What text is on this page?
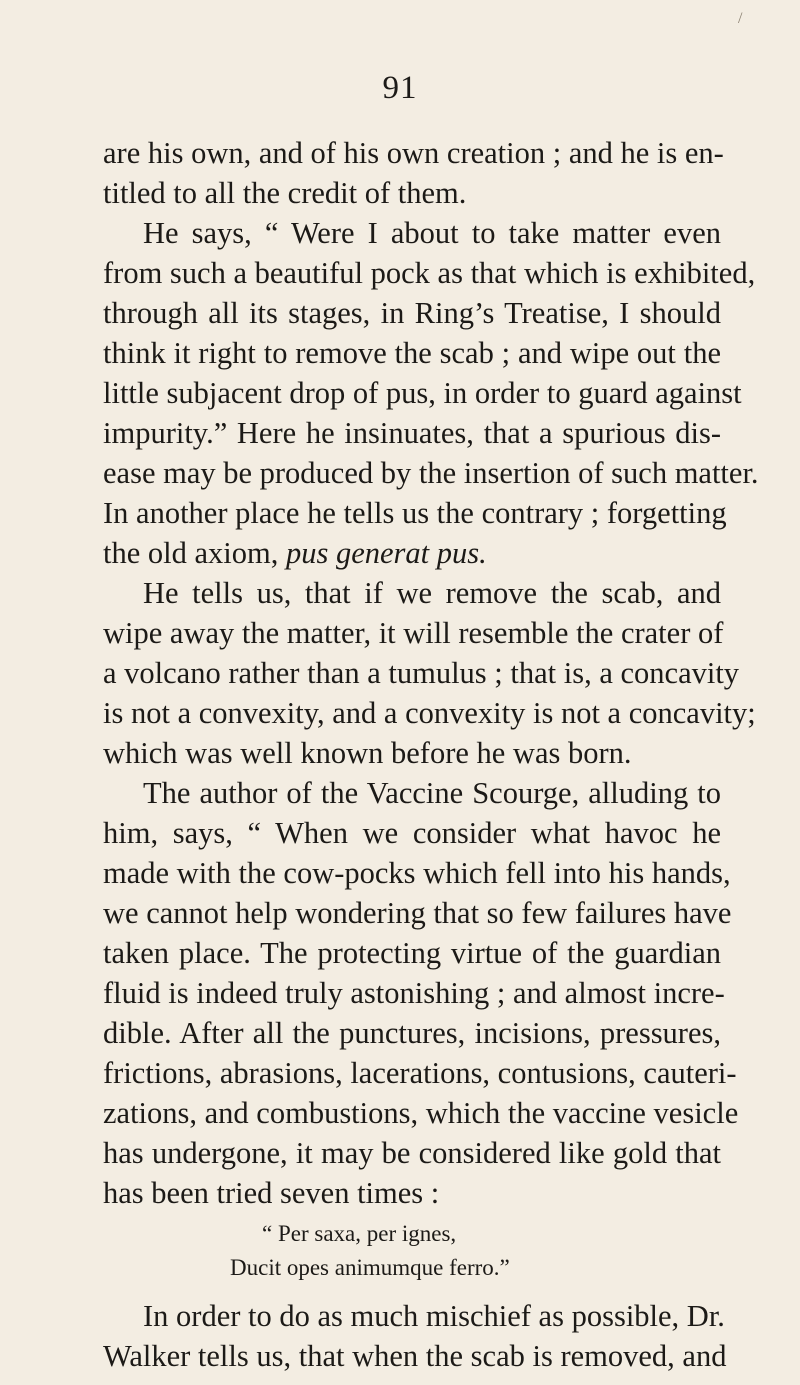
91
are his own, and of his own creation ; and he is en-
titled to all the credit of them.
He says, “ Were I about to take matter even
from such a beautiful pock as that which is exhibited,
through all its stages, in Ring’s Treatise, I should
think it right to remove the scab ; and wipe out the
little subjacent drop of pus, in order to guard against
impurity.” Here he insinuates, that a spurious dis-
ease may be produced by the insertion of such matter.
In another place he tells us the contrary ; forgetting
the old axiom, pus generat pus.
He tells us, that if we remove the scab, and
wipe away the matter, it will resemble the crater of
a volcano rather than a tumulus ; that is, a concavity
is not a convexity, and a convexity is not a concavity;
which was well known before he was born.
The author of the Vaccine Scourge, alluding to
him, says, “ When we consider what havoc he
made with the cow-pocks which fell into his hands,
we cannot help wondering that so few failures have
taken place. The protecting virtue of the guardian
fluid is indeed truly astonishing ; and almost incre-
dible. After all the punctures, incisions, pressures,
frictions, abrasions, lacerations, contusions, cauteri-
zations, and combustions, which the vaccine vesicle
has undergone, it may be considered like gold that
has been tried seven times :
“ Per saxa, per ignes,
Ducit opes animumque ferro.”
In order to do as much mischief as possible, Dr.
Walker tells us, that when the scab is removed, and
/
